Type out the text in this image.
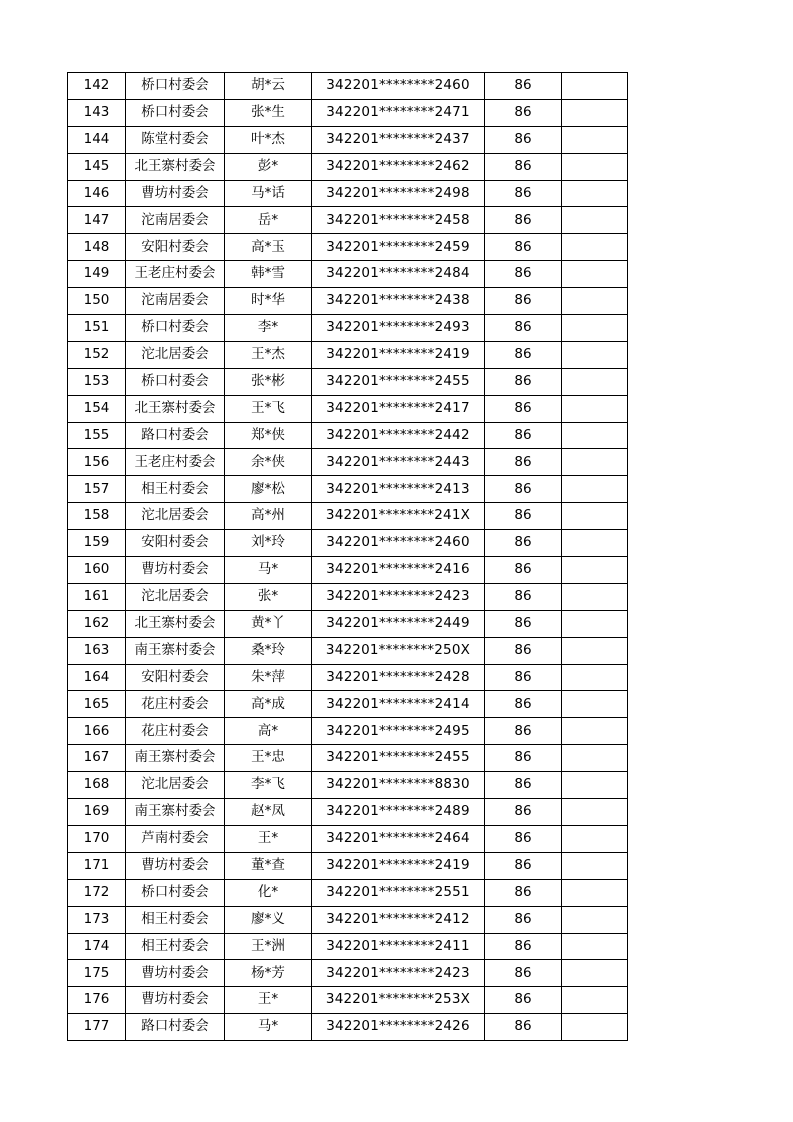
142	桥口村委会	胡*云	342201********2460	86	
143	桥口村委会	张*生	342201********2471	86	
144	陈堂村委会	叶*杰	342201********2437	86	
145	北王寨村委会	彭*	342201********2462	86	
146	曹坊村委会	马*话	342201********2498	86	
147	沱南居委会	岳*	342201********2458	86	
148	安阳村委会	高*玉	342201********2459	86	
149	王老庄村委会	韩*雪	342201********2484	86	
150	沱南居委会	时*华	342201********2438	86	
151	桥口村委会	李*	342201********2493	86	
152	沱北居委会	王*杰	342201********2419	86	
153	桥口村委会	张*彬	342201********2455	86	
154	北王寨村委会	王*飞	342201********2417	86	
155	路口村委会	郑*侠	342201********2442	86	
156	王老庄村委会	余*侠	342201********2443	86	
157	相王村委会	廖*松	342201********2413	86	
158	沱北居委会	高*州	342201********241X	86	
159	安阳村委会	刘*玲	342201********2460	86	
160	曹坊村委会	马*	342201********2416	86	
161	沱北居委会	张*	342201********2423	86	
162	北王寨村委会	黄*丫	342201********2449	86	
163	南王寨村委会	桑*玲	342201********250X	86	
164	安阳村委会	朱*萍	342201********2428	86	
165	花庄村委会	高*成	342201********2414	86	
166	花庄村委会	高*	342201********2495	86	
167	南王寨村委会	王*忠	342201********2455	86	
168	沱北居委会	李*飞	342201********8830	86	
169	南王寨村委会	赵*凤	342201********2489	86	
170	芦南村委会	王*	342201********2464	86	
171	曹坊村委会	董*查	342201********2419	86	
172	桥口村委会	化*	342201********2551	86	
173	相王村委会	廖*义	342201********2412	86	
174	相王村委会	王*洲	342201********2411	86	
175	曹坊村委会	杨*芳	342201********2423	86	
176	曹坊村委会	王*	342201********253X	86	
177	路口村委会	马*	342201********2426	86	
